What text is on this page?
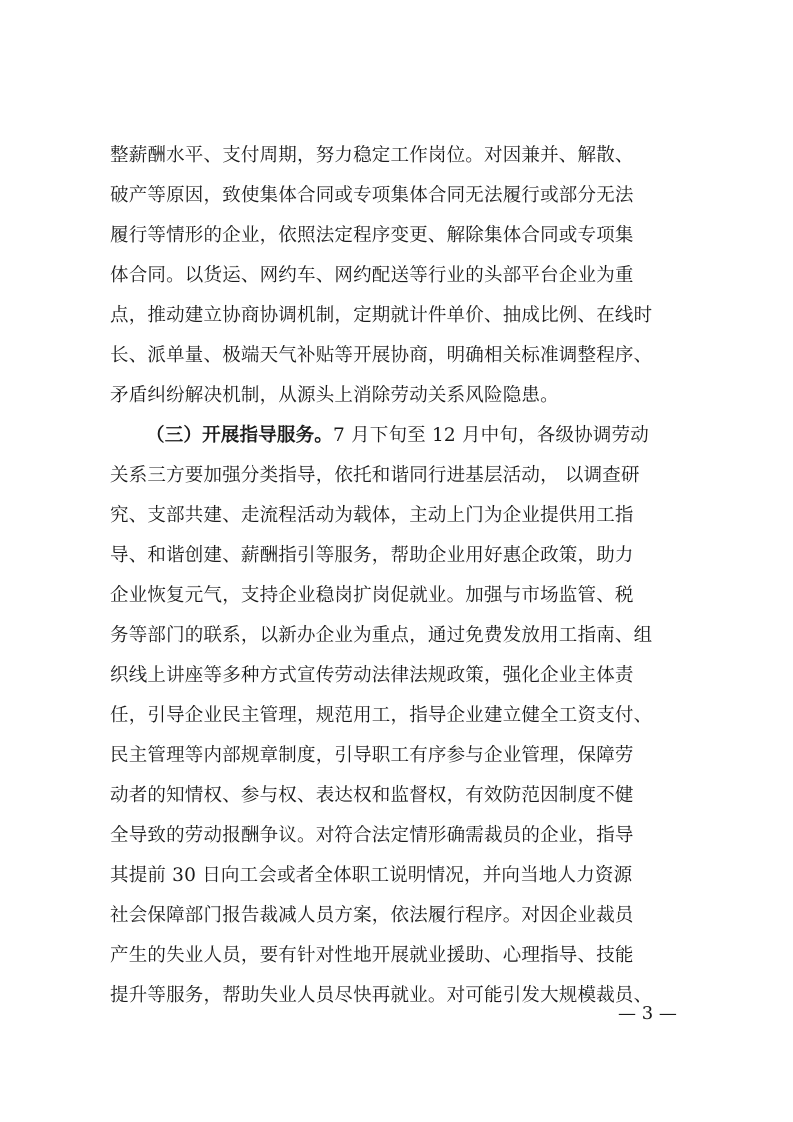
整薪酬水平、支付周期，努力稳定工作岗位。对因兼并、解散、
破产等原因，致使集体合同或专项集体合同无法履行或部分无法
履行等情形的企业，依照法定程序变更、解除集体合同或专项集
体合同。以货运、网约车、网约配送等行业的头部平台企业为重
点，推动建立协商协调机制，定期就计件单价、抽成比例、在线时
长、派单量、极端天气补贴等开展协商，明确相关标准调整程序、
矛盾纠纷解决机制，从源头上消除劳动关系风险隐患。
（三）开展指导服务。7 月下旬至 12 月中旬，各级协调劳动
关系三方要加强分类指导，依托和谐同行进基层活动， 以调查研
究、支部共建、走流程活动为载体，主动上门为企业提供用工指
导、和谐创建、薪酬指引等服务，帮助企业用好惠企政策，助力
企业恢复元气，支持企业稳岗扩岗促就业。加强与市场监管、税
务等部门的联系，以新办企业为重点，通过免费发放用工指南、组
织线上讲座等多种方式宣传劳动法律法规政策，强化企业主体责
任，引导企业民主管理，规范用工，指导企业建立健全工资支付、
民主管理等内部规章制度，引导职工有序参与企业管理，保障劳
动者的知情权、参与权、表达权和监督权，有效防范因制度不健
全导致的劳动报酬争议。对符合法定情形确需裁员的企业，指导
其提前 30 日向工会或者全体职工说明情况，并向当地人力资源
社会保障部门报告裁减人员方案，依法履行程序。对因企业裁员
产生的失业人员，要有针对性地开展就业援助、心理指导、技能
提升等服务，帮助失业人员尽快再就业。对可能引发大规模裁员、
— 3 —
